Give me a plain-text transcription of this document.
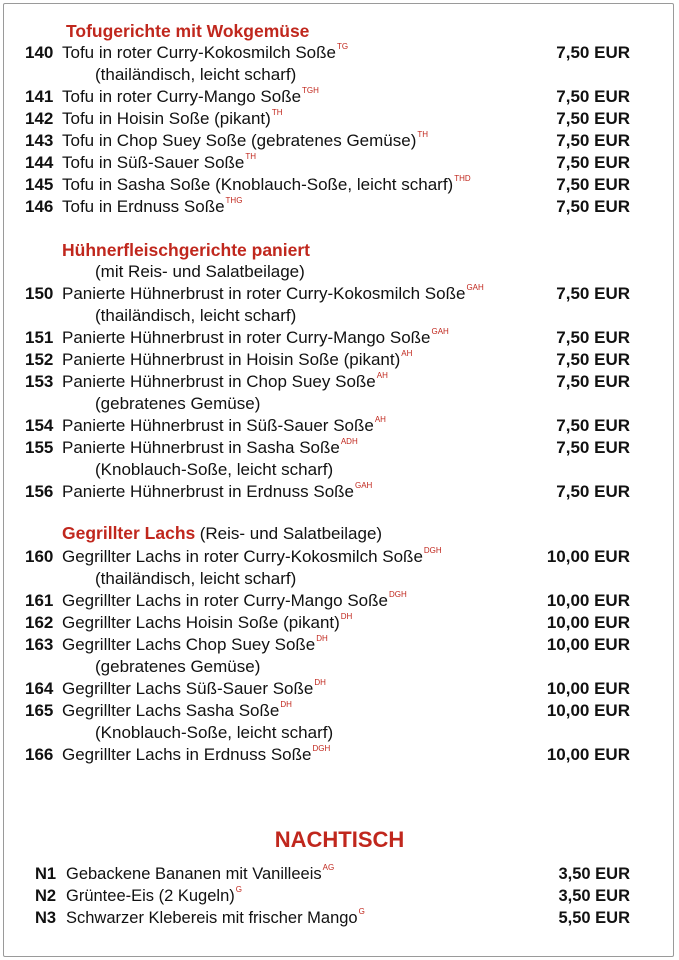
Tofugerichte mit Wokgemüse
140 Tofu in roter Curry-Kokosmilch Soße$^{TG}$	7,50 EUR
(thailändisch, leicht scharf)
141 Tofu in roter Curry-Mango Soße$^{TGH}$	7,50 EUR
142 Tofu in Hoisin Soße (pikant)$^{TH}$	7,50 EUR
143 Tofu in Chop Suey Soße (gebratenes Gemüse)$^{TH}$	7,50 EUR
144 Tofu in Süß-Sauer Soße$^{TH}$	7,50 EUR
145 Tofu in Sasha Soße (Knoblauch-Soße, leicht scharf)$^{THD}$	7,50 EUR
146 Tofu in Erdnuss Soße$^{THG}$	7,50 EUR
Hühnerfleischgerichte paniert
(mit Reis- und Salatbeilage)
150 Panierte Hühnerbrust in roter Curry-Kokosmilch Soße$^{GAH}$	7,50 EUR
(thailändisch, leicht scharf)
151 Panierte Hühnerbrust in roter Curry-Mango Soße$^{GAH}$	7,50 EUR
152 Panierte Hühnerbrust in Hoisin Soße (pikant)$^{AH}$	7,50 EUR
153 Panierte Hühnerbrust in Chop Suey Soße$^{AH}$	7,50 EUR
(gebratenes Gemüse)
154 Panierte Hühnerbrust in Süß-Sauer Soße$^{AH}$	7,50 EUR
155 Panierte Hühnerbrust in Sasha Soße$^{ADH}$	7,50 EUR
(Knoblauch-Soße, leicht scharf)
156 Panierte Hühnerbrust in Erdnuss Soße$^{GAH}$	7,50 EUR
Gegrillter Lachs (Reis- und Salatbeilage)
160 Gegrillter Lachs in roter Curry-Kokosmilch Soße$^{DGH}$	10,00 EUR
(thailändisch, leicht scharf)
161 Gegrillter Lachs in roter Curry-Mango Soße$^{DGH}$	10,00 EUR
162 Gegrillter Lachs Hoisin Soße (pikant)$^{DH}$	10,00 EUR
163 Gegrillter Lachs Chop Suey Soße$^{DH}$	10,00 EUR
(gebratenes Gemüse)
164 Gegrillter Lachs Süß-Sauer Soße$^{DH}$	10,00 EUR
165 Gegrillter Lachs Sasha Soße$^{DH}$	10,00 EUR
(Knoblauch-Soße, leicht scharf)
166 Gegrillter Lachs in Erdnuss Soße$^{DGH}$	10,00 EUR
NACHTISCH
N1 Gebackene Bananen mit Vanilleeis$^{AG}$	3,50 EUR
N2 Grüntee-Eis (2 Kugeln)$^G$	3,50 EUR
N3 Schwarzer Klebereis mit frischer Mango$^G$	5,50 EUR
